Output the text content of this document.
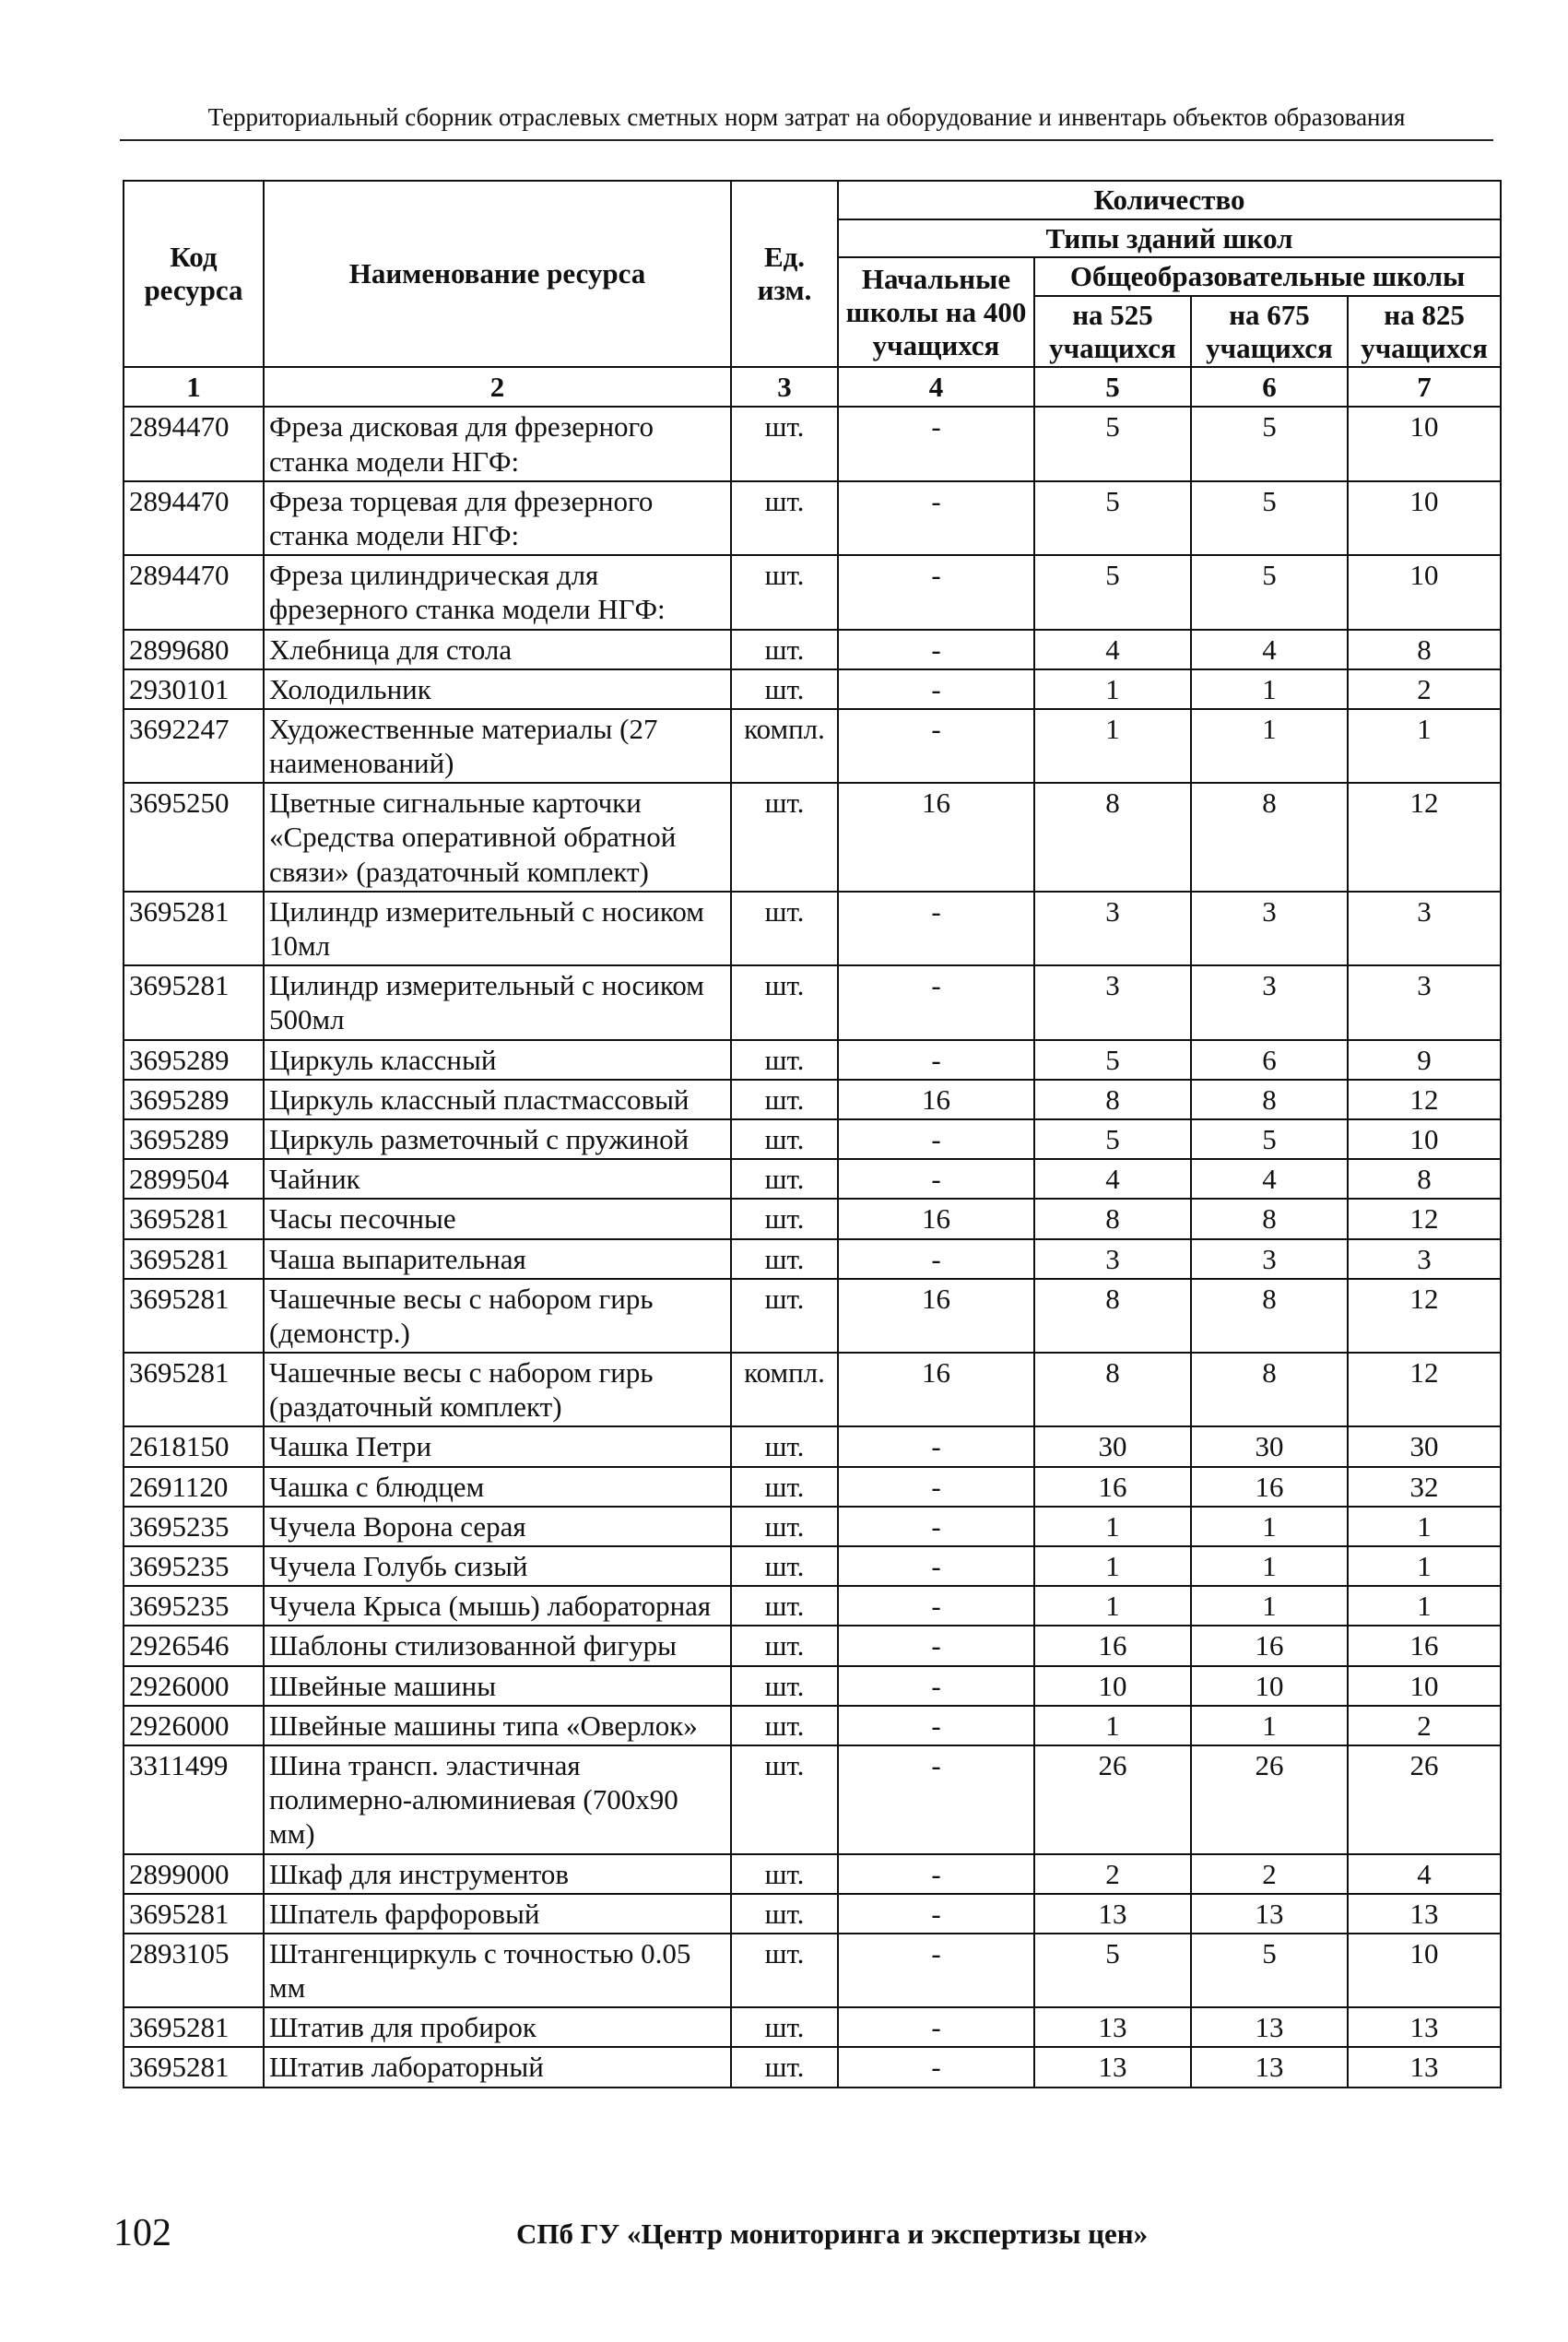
Территориальный сборник отраслевых сметных норм затрат на оборудование и инвентарь объектов образования
Код ресурса	Наименование ресурса	Ед. изм.	Количество			
			Типы зданий школ			
			Начальные школы на 400 учащихся	Общеобразовательные школы		
				на 525 учащихся	на 675 учащихся	на 825 учащихся
1	2	3	4	5	6	7
2894470	Фреза дисковая для фрезерного станка модели НГФ:	шт.	-	5	5	10
2894470	Фреза торцевая для фрезерного станка модели НГФ:	шт.	-	5	5	10
2894470	Фреза цилиндрическая для фрезерного станка модели НГФ:	шт.	-	5	5	10
2899680	Хлебница для стола	шт.	-	4	4	8
2930101	Холодильник	шт.	-	1	1	2
3692247	Художественные материалы (27 наименований)	компл.	-	1	1	1
3695250	Цветные сигнальные карточки «Средства оперативной обратной связи» (раздаточный комплект)	шт.	16	8	8	12
3695281	Цилиндр измерительный с носиком 10мл	шт.	-	3	3	3
3695281	Цилиндр измерительный с носиком 500мл	шт.	-	3	3	3
3695289	Циркуль классный	шт.	-	5	6	9
3695289	Циркуль классный пластмассовый	шт.	16	8	8	12
3695289	Циркуль разметочный с пружиной	шт.	-	5	5	10
2899504	Чайник	шт.	-	4	4	8
3695281	Часы песочные	шт.	16	8	8	12
3695281	Чаша выпарительная	шт.	-	3	3	3
3695281	Чашечные весы с набором гирь (демонстр.)	шт.	16	8	8	12
3695281	Чашечные весы с набором гирь (раздаточный комплект)	компл.	16	8	8	12
2618150	Чашка Петри	шт.	-	30	30	30
2691120	Чашка с блюдцем	шт.	-	16	16	32
3695235	Чучела Ворона серая	шт.	-	1	1	1
3695235	Чучела Голубь сизый	шт.	-	1	1	1
3695235	Чучела Крыса (мышь) лабораторная	шт.	-	1	1	1
2926546	Шаблоны стилизованной фигуры	шт.	-	16	16	16
2926000	Швейные машины	шт.	-	10	10	10
2926000	Швейные машины типа «Оверлок»	шт.	-	1	1	2
3311499	Шина трансп. эластичная полимерно-алюминиевая (700х90 мм)	шт.	-	26	26	26
2899000	Шкаф для инструментов	шт.	-	2	2	4
3695281	Шпатель фарфоровый	шт.	-	13	13	13
2893105	Штангенциркуль с точностью 0.05 мм	шт.	-	5	5	10
3695281	Штатив для пробирок	шт.	-	13	13	13
3695281	Штатив лабораторный	шт.	-	13	13	13
102	СПб ГУ «Центр мониторинга и экспертизы цен»
